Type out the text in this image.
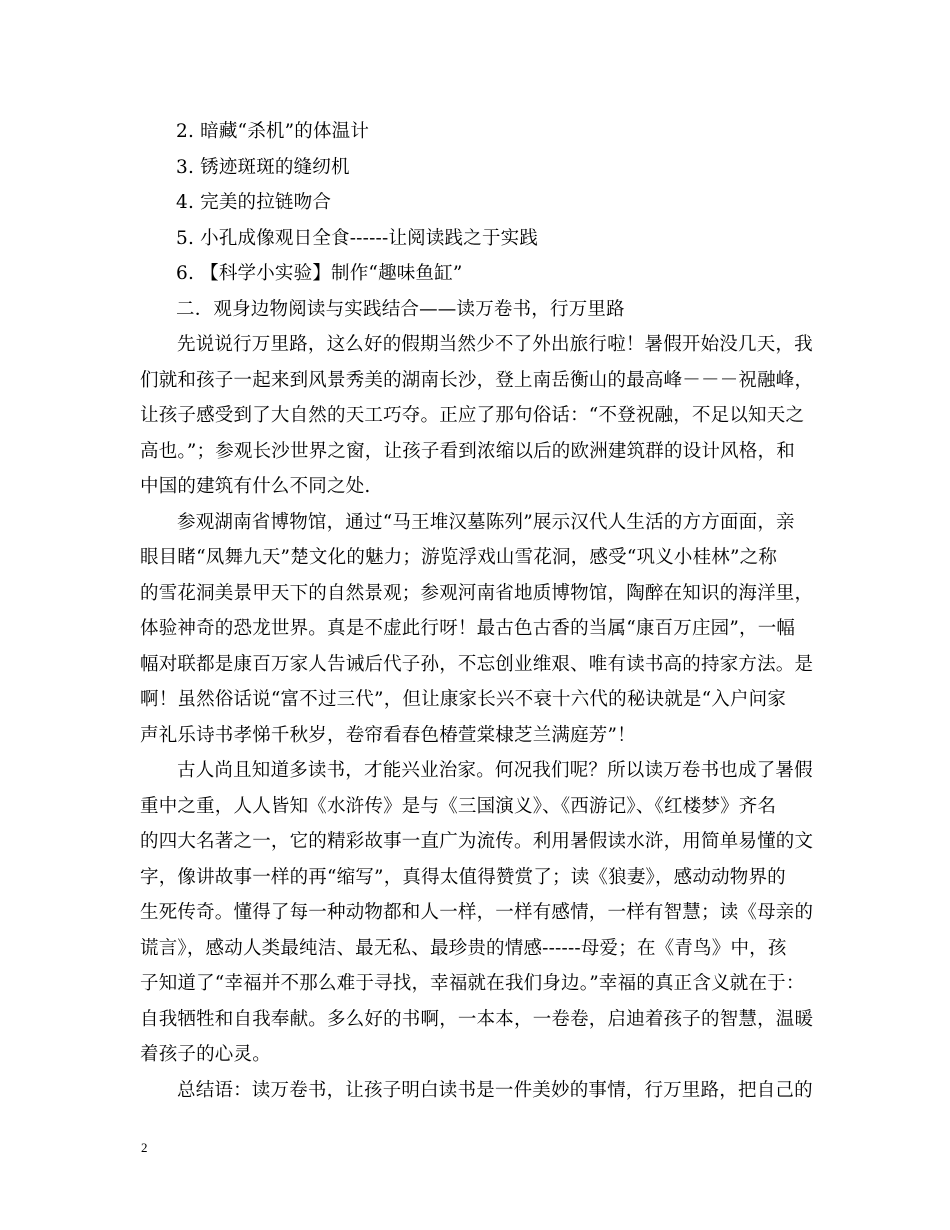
2. 暗藏“杀机”的体温计
3. 锈迹斑斑的缝纫机
4. 完美的拉链吻合
5. 小孔成像观日全食------让阅读践之于实践
6. 【科学小实验】制作“趣味鱼缸”
二．观身边物阅读与实践结合——读万卷书，行万里路
先说说行万里路，这么好的假期当然少不了外出旅行啦！暑假开始没几天，我
们就和孩子一起来到风景秀美的湖南长沙，登上南岳衡山的最高峰－－－祝融峰，
让孩子感受到了大自然的天工巧夺。正应了那句俗话：“不登祝融，不足以知天之
高也。”；参观长沙世界之窗，让孩子看到浓缩以后的欧洲建筑群的设计风格，和
中国的建筑有什么不同之处.
参观湖南省博物馆，通过“马王堆汉墓陈列”展示汉代人生活的方方面面，亲
眼目睹“凤舞九天”楚文化的魅力；游览浮戏山雪花洞，感受“巩义小桂林”之称
的雪花洞美景甲天下的自然景观；参观河南省地质博物馆，陶醉在知识的海洋里，
体验神奇的恐龙世界。真是不虚此行呀！最古色古香的当属“康百万庄园”，一幅
幅对联都是康百万家人告诫后代子孙，不忘创业维艰、唯有读书高的持家方法。是
啊！虽然俗话说“富不过三代”，但让康家长兴不衰十六代的秘诀就是“入户问家
声礼乐诗书孝悌千秋岁，卷帘看春色椿萱棠棣芝兰满庭芳”！
古人尚且知道多读书，才能兴业治家。何况我们呢？所以读万卷书也成了暑假
重中之重，人人皆知《水浒传》是与《三国演义》、《西游记》、《红楼梦》齐名
的四大名著之一，它的精彩故事一直广为流传。利用暑假读水浒，用简单易懂的文
字，像讲故事一样的再“缩写”，真得太值得赞赏了；读《狼妻》，感动动物界的
生死传奇。懂得了每一种动物都和人一样，一样有感情，一样有智慧；读《母亲的
谎言》，感动人类最纯洁、最无私、最珍贵的情感------母爱；在《青鸟》中，孩
子知道了“幸福并不那么难于寻找，幸福就在我们身边。”幸福的真正含义就在于：
自我牺牲和自我奉献。多么好的书啊，一本本，一卷卷，启迪着孩子的智慧，温暖
着孩子的心灵。
总结语：读万卷书，让孩子明白读书是一件美妙的事情，行万里路，把自己的
2
